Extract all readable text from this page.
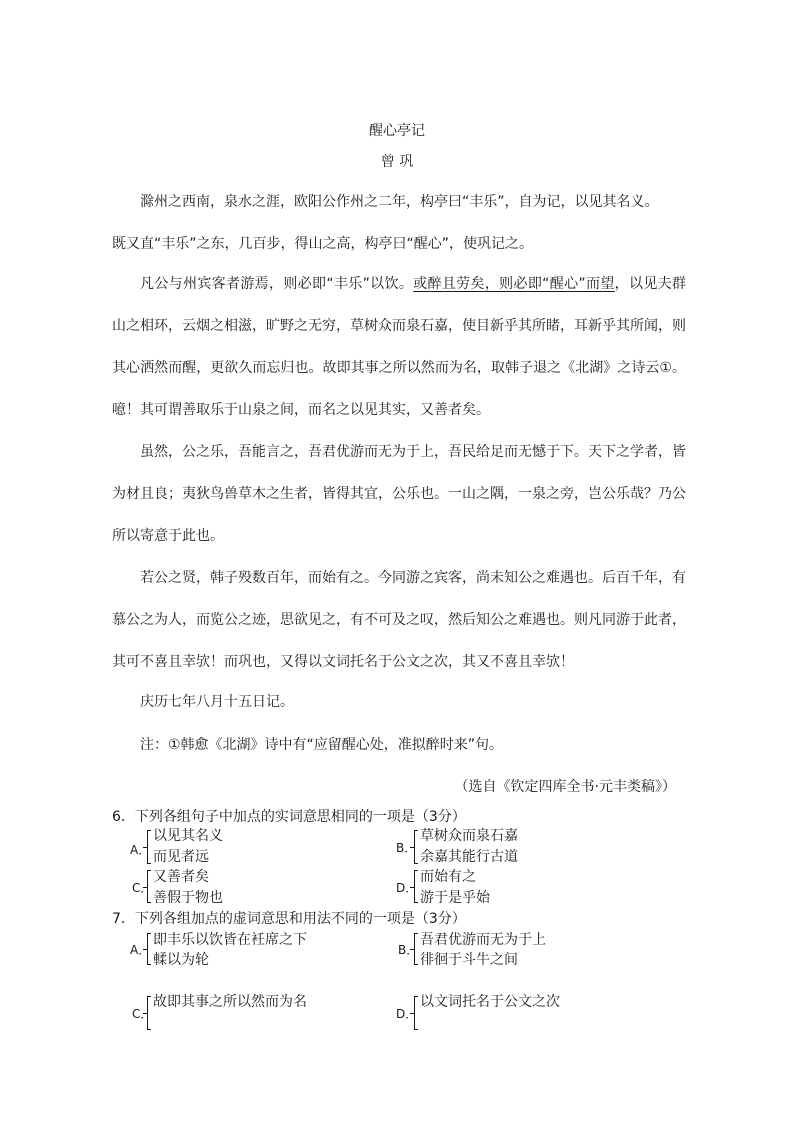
醒心亭记
曾 巩
滁州之西南，泉水之涯，欧阳公作州之二年，构亭曰“丰乐”，自为记，以见其名义。
既又直“丰乐”之东，几百步，得山之高，构亭曰“醒心”，使巩记之。
凡公与州宾客者游焉，则必即“丰乐”以饮。或醉且劳矣，则必即“醒心”而望，以见夫群山之相环，云烟之相滋，旷野之无穷，草树众而泉石嘉，使目新乎其所睹，耳新乎其所闻，则其心洒然而醒，更欲久而忘归也。故即其事之所以然而为名，取韩子退之《北湖》之诗云①。噫！其可谓善取乐于山泉之间，而名之以见其实，又善者矣。
虽然，公之乐，吾能言之，吾君优游而无为于上，吾民给足而无憾于下。天下之学者，皆为材且良；夷狄鸟兽草木之生者，皆得其宜，公乐也。一山之隅，一泉之旁，岂公乐哉？乃公所以寄意于此也。
若公之贤，韩子殁数百年，而始有之。今同游之宾客，尚未知公之难遇也。后百千年，有慕公之为人，而览公之迹，思欲见之，有不可及之叹，然后知公之难遇也。则凡同游于此者，其可不喜且幸欤！而巩也，又得以文词托名于公文之次，其又不喜且幸欤！
庆历七年八月十五日记。
注：①韩愈《北湖》诗中有“应留醒心处，准拟醉时来”句。
（选自《钦定四库全书·元丰类稿》）
6．下列各组句子中加点的实词意思相同的一项是（3分）
A．
以见其名义
而见者远
B．
草树众而泉石嘉
余嘉其能行古道
C．
又善者矣
善假于物也
D．
而始有之
游于是乎始
7．下列各组加点的虚词意思和用法不同的一项是（3分）
A．
即丰乐以饮皆在衽席之下
輮以为轮
B．
吾君优游而无为于上
徘徊于斗牛之间
C．
故即其事之所以然而为名
D．
以文词托名于公文之次
